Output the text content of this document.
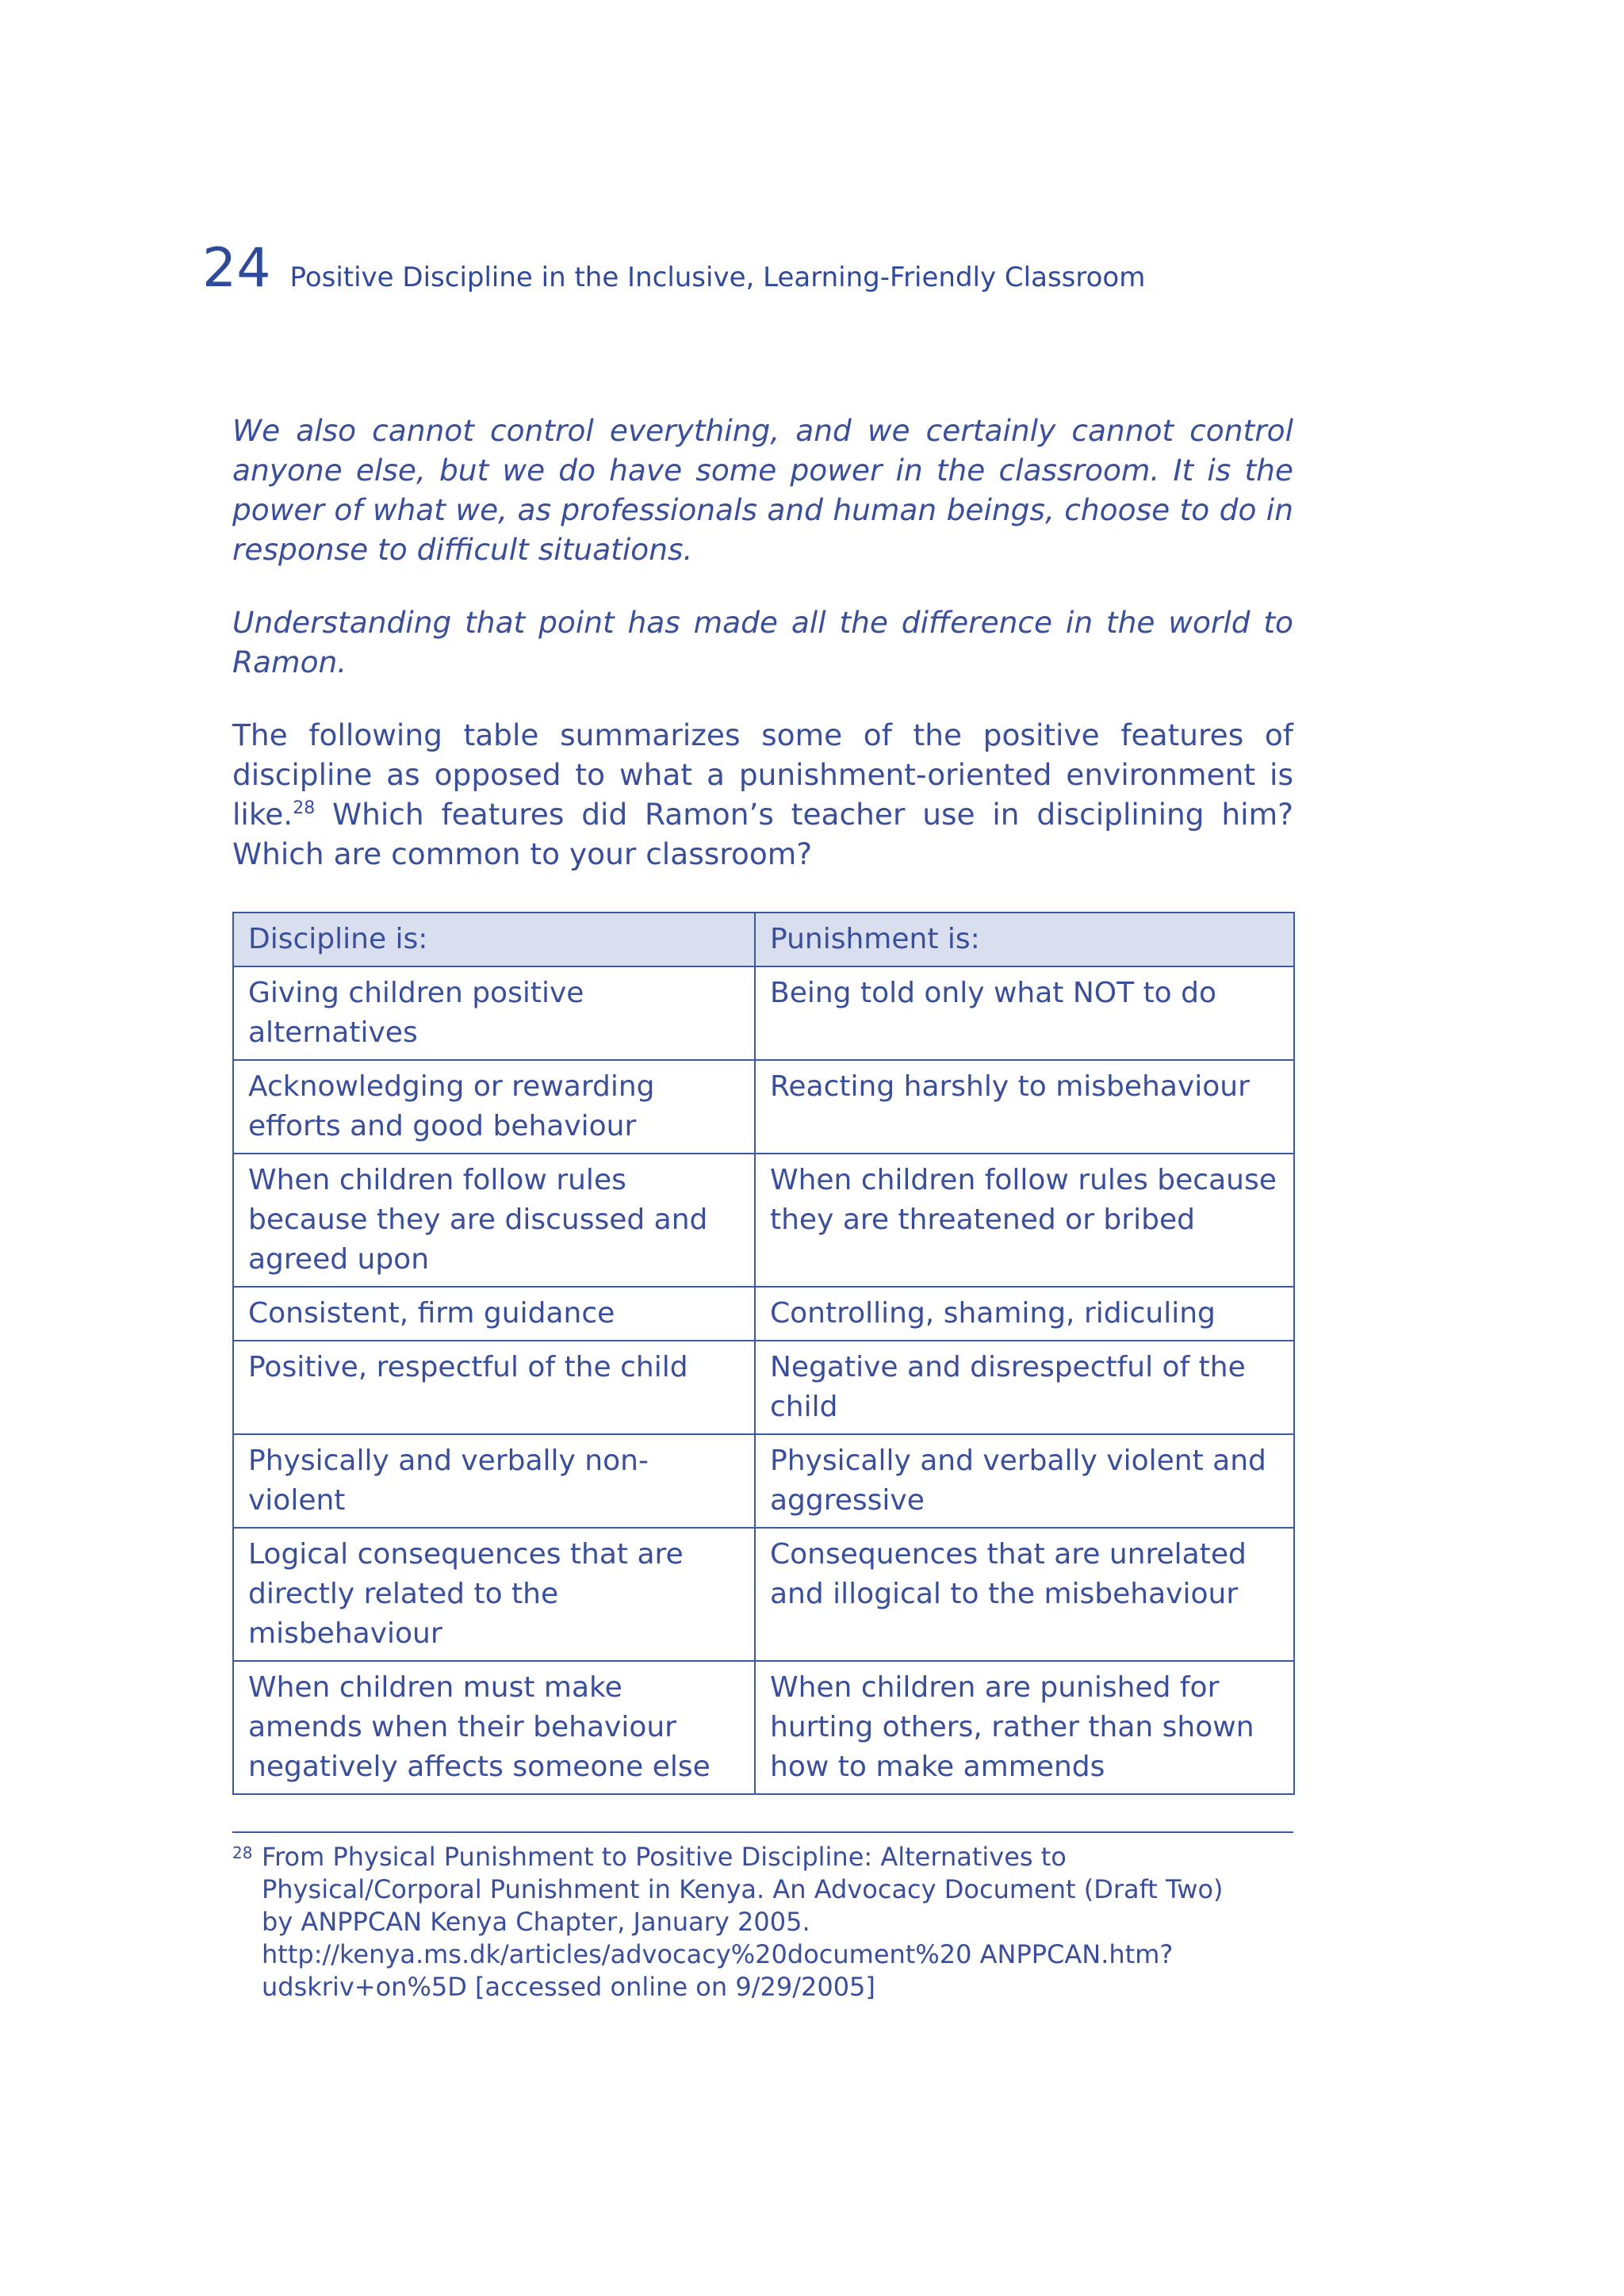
24 Positive Discipline in the Inclusive, Learning-Friendly Classroom

We also cannot control everything, and we certainly cannot control anyone else, but we do have some power in the classroom. It is the power of what we, as professionals and human beings, choose to do in response to difficult situations.

Understanding that point has made all the difference in the world to Ramon.

The following table summarizes some of the positive features of discipline as opposed to what a punishment-oriented environment is like.$^{28}$ Which features did Ramon’s teacher use in disciplining him? Which are common to your classroom?

Discipline is:	Punishment is:
Giving children positive alternatives	Being told only what NOT to do
Acknowledging or rewarding efforts and good behaviour	Reacting harshly to misbehaviour
When children follow rules because they are discussed and agreed upon	When children follow rules because they are threatened or bribed
Consistent, firm guidance	Controlling, shaming, ridiculing
Positive, respectful of the child	Negative and disrespectful of the child
Physically and verbally non-violent	Physically and verbally violent and aggressive
Logical consequences that are directly related to the misbehaviour	Consequences that are unrelated and illogical to the misbehaviour
When children must make amends when their behaviour negatively affects someone else	When children are punished for hurting others, rather than shown how to make ammends
28 From Physical Punishment to Positive Discipline: Alternatives to Physical/Corporal Punishment in Kenya. An Advocacy Document (Draft Two) by ANPPCAN Kenya Chapter, January 2005. http://kenya.ms.dk/articles/advocacy%20document%20 ANPPCAN.htm?udskriv+on%5D [accessed online on 9/29/2005]
